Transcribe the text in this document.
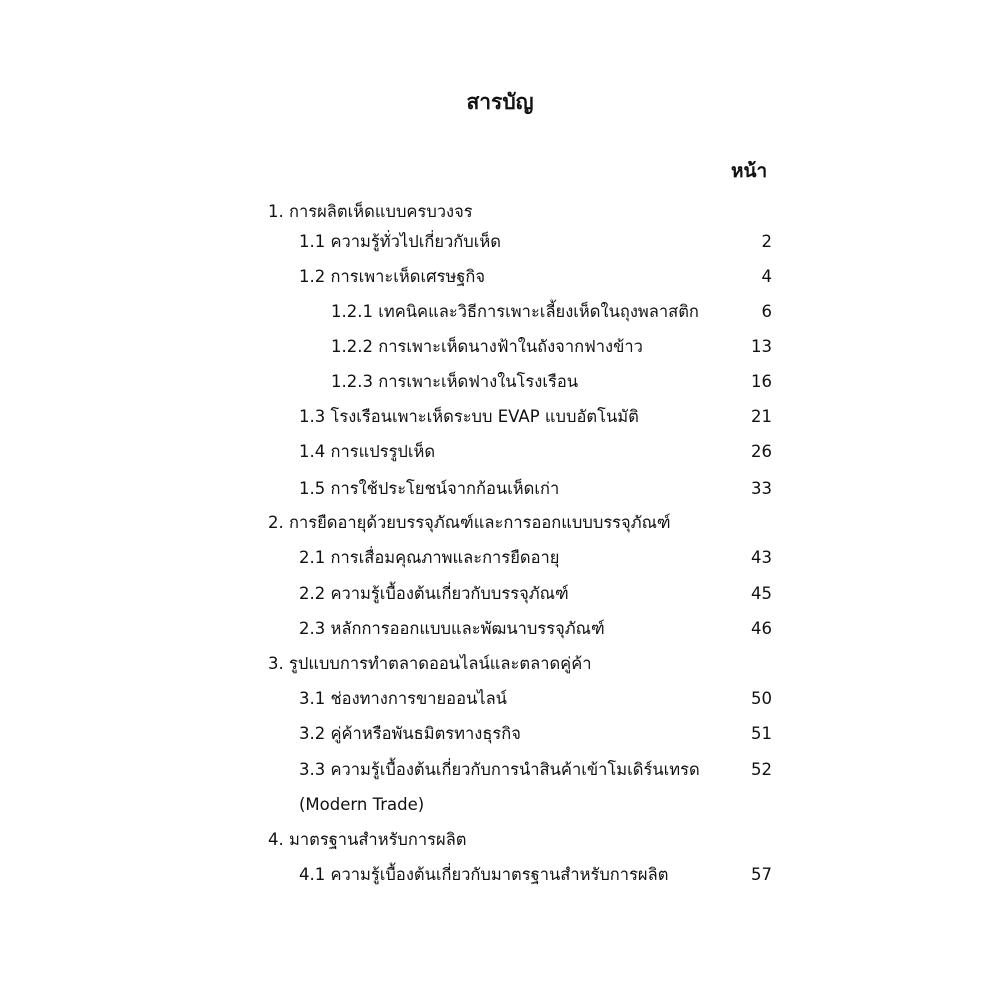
สารบัญ
หน้า
1. การผลิตเห็ดแบบครบวงจร
1.1 ความรู้ทั่วไปเกี่ยวกับเห็ด	2
1.2 การเพาะเห็ดเศรษฐกิจ	4
1.2.1 เทคนิคและวิธีการเพาะเลี้ยงเห็ดในถุงพลาสติก	6
1.2.2 การเพาะเห็ดนางฟ้าในถังจากฟางข้าว	13
1.2.3 การเพาะเห็ดฟางในโรงเรือน	16
1.3 โรงเรือนเพาะเห็ดระบบ EVAP แบบอัตโนมัติ	21
1.4 การแปรรูปเห็ด	26
1.5 การใช้ประโยชน์จากก้อนเห็ดเก่า	33
2. การยืดอายุด้วยบรรจุภัณฑ์และการออกแบบบรรจุภัณฑ์
2.1 การเสื่อมคุณภาพและการยืดอายุ	43
2.2 ความรู้เบื้องต้นเกี่ยวกับบรรจุภัณฑ์	45
2.3 หลักการออกแบบและพัฒนาบรรจุภัณฑ์	46
3. รูปแบบการทำตลาดออนไลน์และตลาดคู่ค้า
3.1 ช่องทางการขายออนไลน์	50
3.2 คู่ค้าหรือพันธมิตรทางธุรกิจ	51
3.3 ความรู้เบื้องต้นเกี่ยวกับการนำสินค้าเข้าโมเดิร์นเทรด	52
(Modern Trade)
4. มาตรฐานสำหรับการผลิต
4.1 ความรู้เบื้องต้นเกี่ยวกับมาตรฐานสำหรับการผลิต	57
